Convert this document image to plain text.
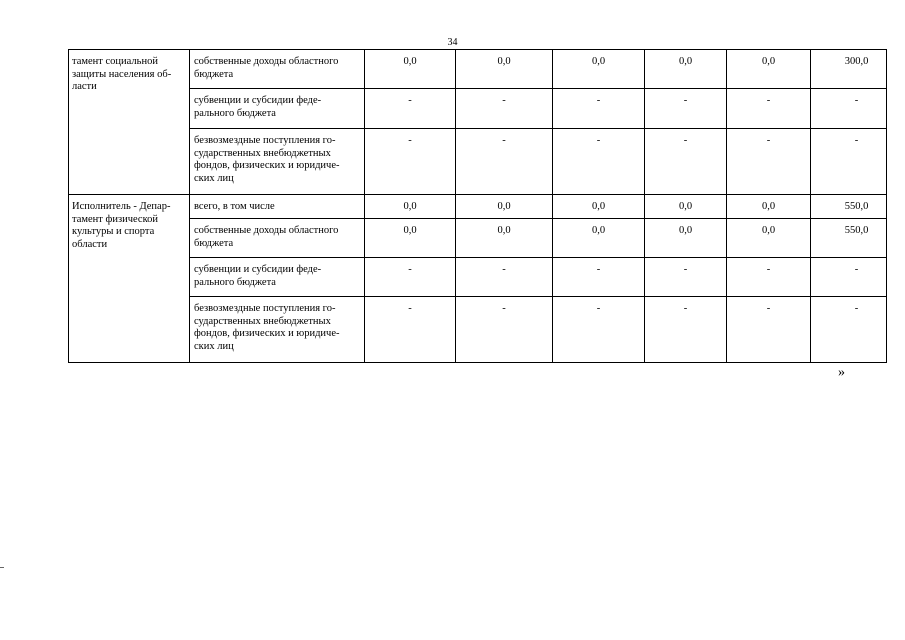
34
тамент социальной защиты населения об-ласти	собственные доходы областного бюджета	0,0	0,0	0,0	0,0	0,0	300,0
	субвенции и субсидии феде-рального бюджета	-	-	-	-	-	-
	безвозмездные поступления го-сударственных внебюджетных фондов, физических и юридиче-ских лиц	-	-	-	-	-	-
Исполнитель - Депар-тамент физической культуры и спорта области	всего, в том числе	0,0	0,0	0,0	0,0	0,0	550,0
	собственные доходы областного бюджета	0,0	0,0	0,0	0,0	0,0	550,0
	субвенции и субсидии феде-рального бюджета	-	-	-	-	-	-
	безвозмездные поступления го-сударственных внебюджетных фондов, физических и юридиче-ских лиц	-	-	-	-	-	-
»
